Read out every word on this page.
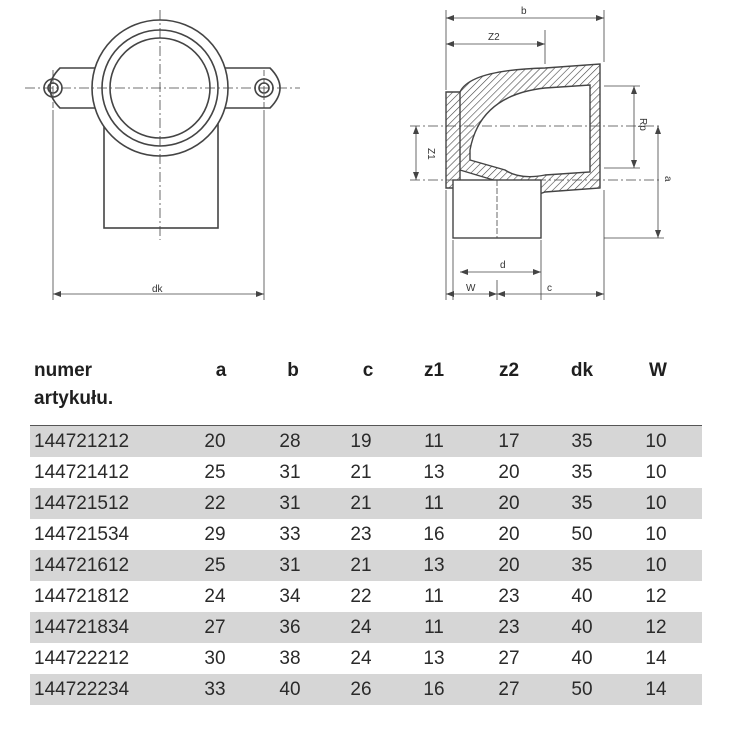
dk
b
Z2
Z1
Rp
a
d
W	c
numer
artykułu.
a	b	c	z1	z2	dk	W
144721212	20	28	19	11	17	35	10
144721412	25	31	21	13	20	35	10
144721512	22	31	21	11	20	35	10
144721534	29	33	23	16	20	50	10
144721612	25	31	21	13	20	35	10
144721812	24	34	22	11	23	40	12
144721834	27	36	24	11	23	40	12
144722212	30	38	24	13	27	40	14
144722234	33	40	26	16	27	50	14
